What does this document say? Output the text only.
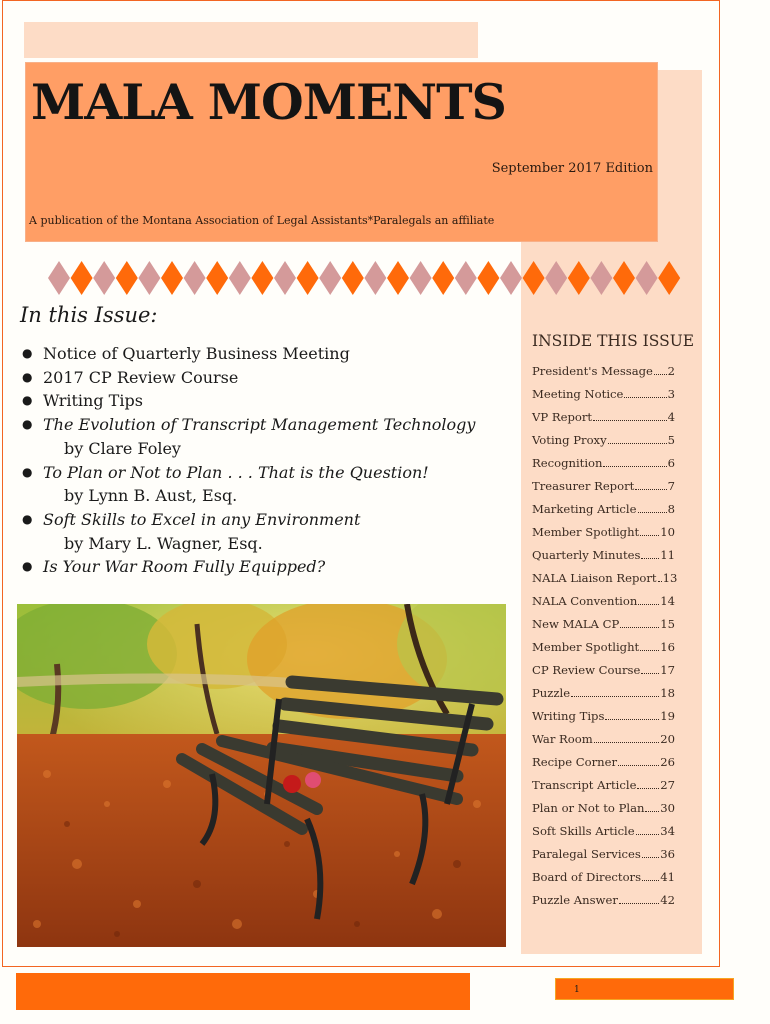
MALA MOMENTS
September 2017 Edition
A publication of the Montana Association of Legal Assistants*Paralegals an affiliate
In this Issue:
● Notice of Quarterly Business Meeting
● 2017 CP Review Course
● Writing Tips
● The Evolution of Transcript Management Technology
by Clare Foley
● To Plan or Not to Plan . . . That is the Question!
by Lynn B. Aust, Esq.
● Soft Skills to Excel in any Environment
by Mary L. Wagner, Esq.
● Is Your War Room Fully Equipped?
INSIDE THIS ISSUE
President's Message 2
Meeting Notice	3
VP Report	4
Voting Proxy	5
Recognition	6
Treasurer Report	7
Marketing Article	8
Member Spotlight 10
Quarterly Minutes 11
NALA Liaison Report 13
NALA Convention 14
New MALA CP	15
Member Spotlight 16
CP Review Course 17
Puzzle	18
Writing Tips	19
War Room	20
Recipe Corner	26
Transcript Article 27
Plan or Not to Plan 30
Soft Skills Article 34
Paralegal Services 36
Board of Directors 41
Puzzle Answer	42
1
